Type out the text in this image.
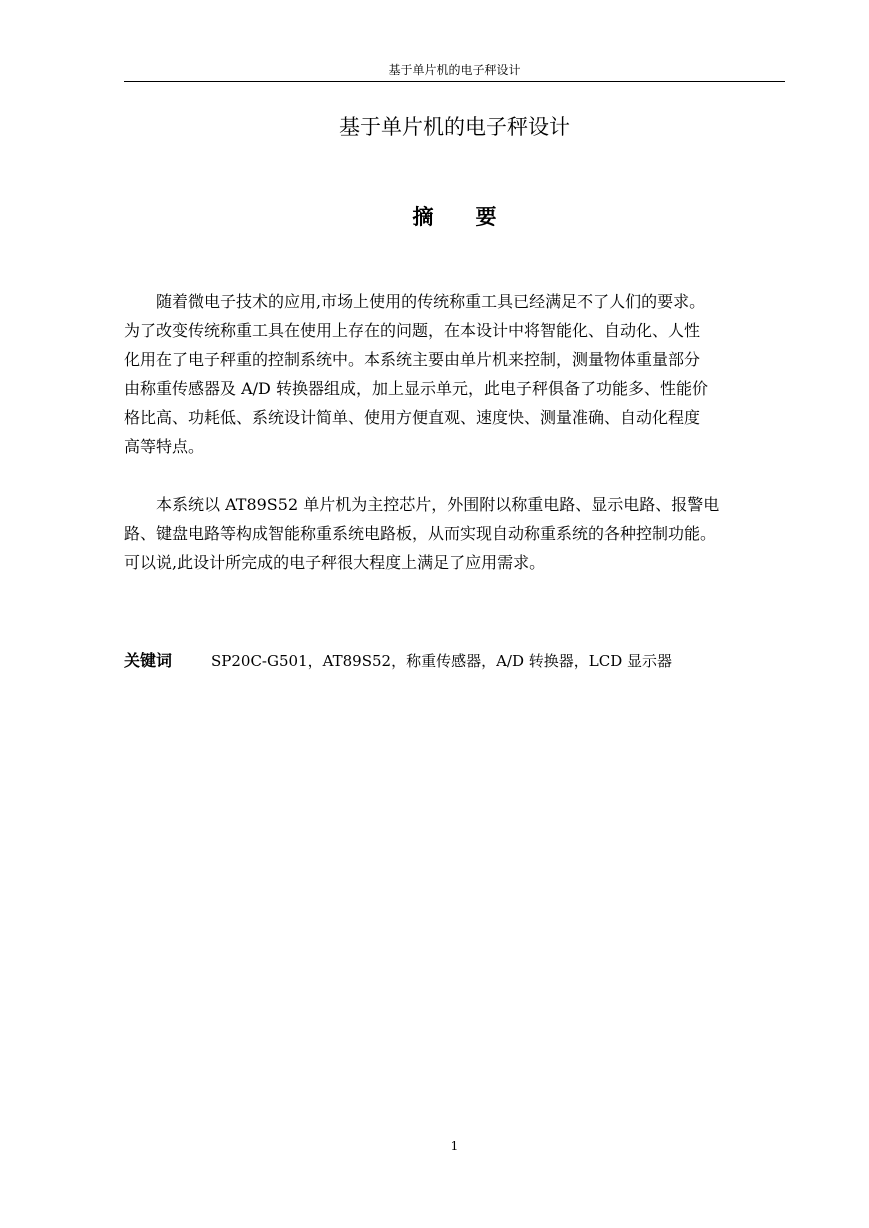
基于单片机的电子秤设计
基于单片机的电子秤设计
摘 要
　　随着微电子技术的应用,市场上使用的传统称重工具已经满足不了人们的要求。
为了改变传统称重工具在使用上存在的问题，在本设计中将智能化、自动化、人性
化用在了电子秤重的控制系统中。本系统主要由单片机来控制，测量物体重量部分
由称重传感器及 A/D 转换器组成，加上显示单元，此电子秤俱备了功能多、性能价
格比高、功耗低、系统设计简单、使用方便直观、速度快、测量准确、自动化程度
高等特点。
　　本系统以 AT89S52 单片机为主控芯片，外围附以称重电路、显示电路、报警电
路、键盘电路等构成智能称重系统电路板，从而实现自动称重系统的各种控制功能。
可以说,此设计所完成的电子秤很大程度上满足了应用需求。
关键词	SP20C-G501，AT89S52，称重传感器，A/D 转换器，LCD 显示器
1
